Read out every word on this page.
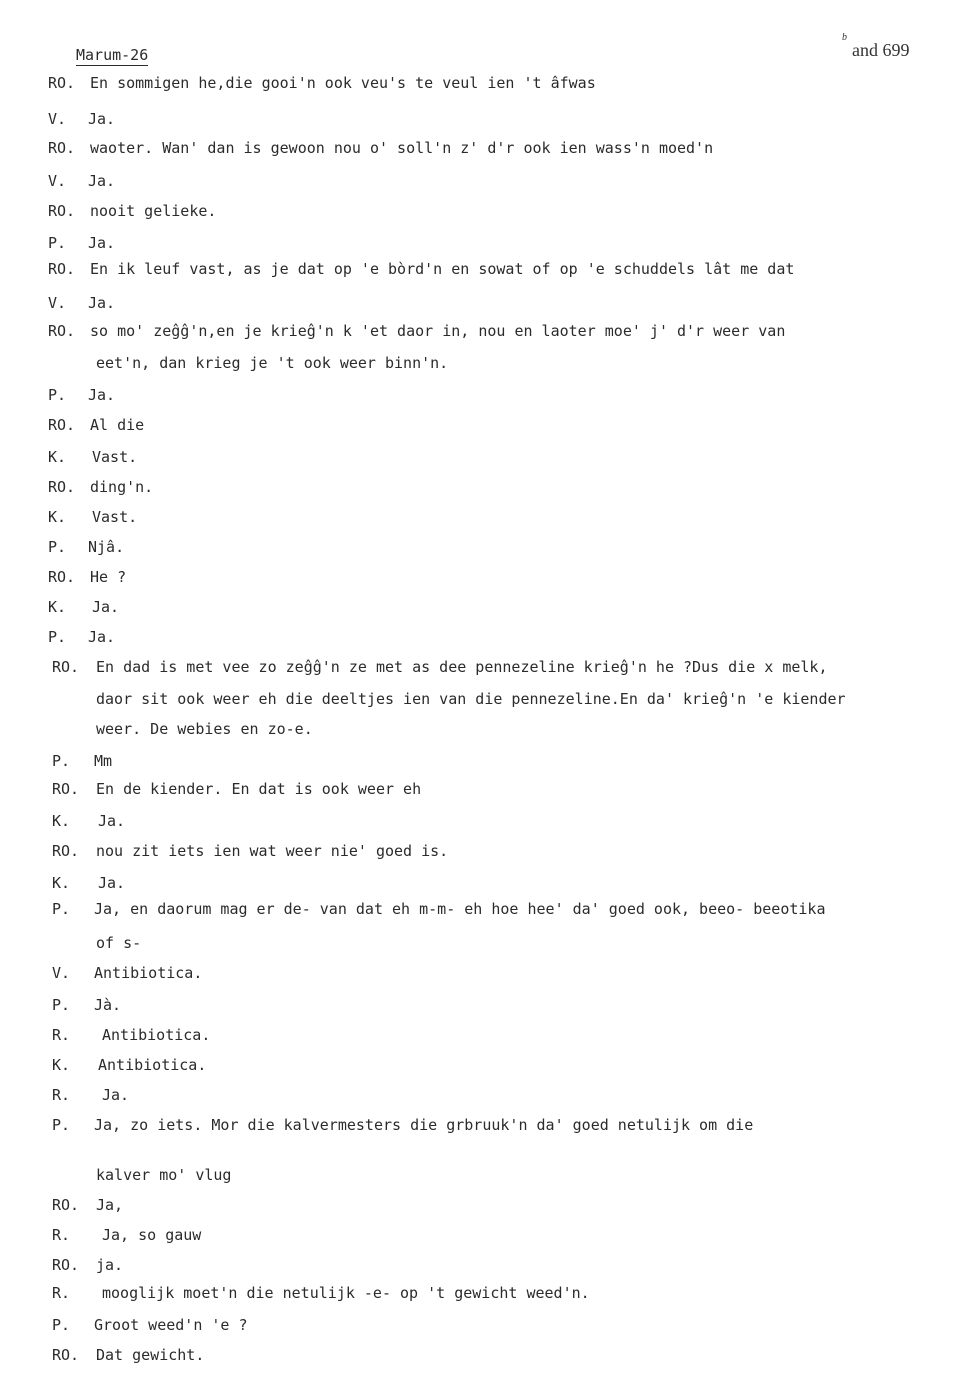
Marum-26
b
and 699
RO. En sommigen he,die gooi'n ook veu's te veul ien 't âfwas
V. Ja.
RO. waoter. Wan' dan is gewoon nou o' soll'n z' d'r ook ien wass'n moed'n
V. Ja.
RO. nooit gelieke.
P. Ja.
RO. En ik leuf vast, as je dat op 'e bòrd'n en sowat of op 'e schuddels lât me dat
V. Ja.
RO. so mo' zeĝĝ'n,en je krieĝ'n k 'et daor in, nou en laoter moe' j' d'r weer van
eet'n, dan krieg je 't ook weer binn'n.
P. Ja.
RO. Al die
K. Vast.
RO. ding'n.
K. Vast.
P. Njâ.
RO. He ?
K. Ja.
P. Ja.
RO. En dad is met vee zo zeĝĝ'n ze met as dee pennezeline krieĝ'n he ?Dus die x melk,
daor sit ook weer eh die deeltjes ien van die pennezeline.En da' krieĝ'n 'e kiender
weer. De webies en zo-e.
P. Mm
RO. En de kiender. En dat is ook weer eh
K. Ja.
RO. nou zit iets ien wat weer nie' goed is.
K. Ja.
P. Ja, en daorum mag er de- van dat eh m-m- eh hoe hee' da' goed ook, beeo- beeotika
of s-
V. Antibiotica.
P. Jà.
R. Antibiotica.
K. Antibiotica.
R. Ja.
P. Ja, zo iets. Mor die kalvermesters die grbruuk'n da' goed netulijk om die
kalver mo' vlug
RO. Ja,
R. Ja, so gauw
RO. ja.
R. mooglijk moet'n die netulijk -e- op 't gewicht weed'n.
P. Groot weed'n 'e ?
RO. Dat gewicht.
